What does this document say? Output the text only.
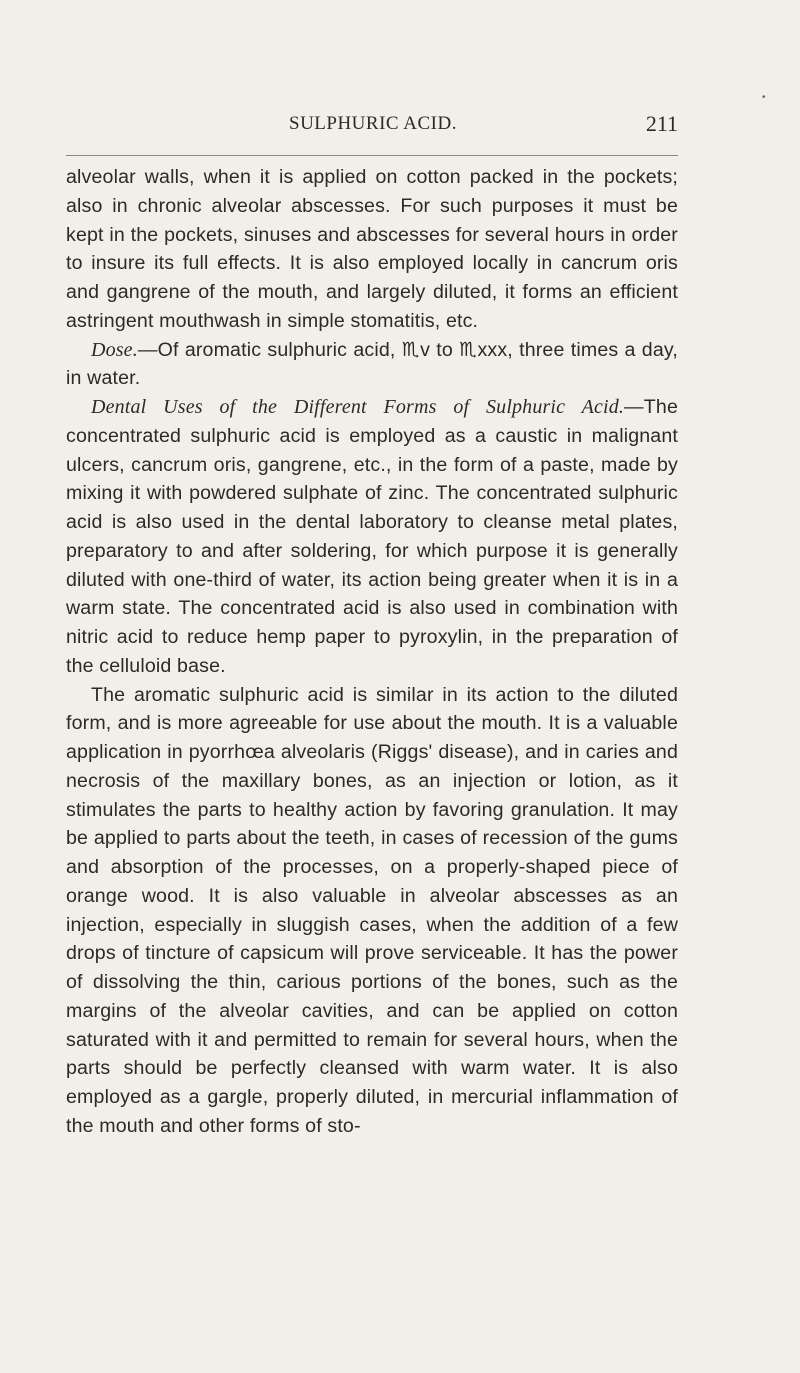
SULPHURIC ACID.	211

alveolar walls, when it is applied on cotton packed in the pockets; also in chronic alveolar abscesses. For such purposes it must be kept in the pockets, sinuses and abscesses for several hours in order to insure its full effects. It is also employed locally in cancrum oris and gangrene of the mouth, and largely diluted, it forms an efficient astringent mouthwash in simple stomatitis, etc.

Dose.—Of aromatic sulphuric acid, ♏v to ♏xxx, three times a day, in water.

Dental Uses of the Different Forms of Sulphuric Acid.—The concentrated sulphuric acid is employed as a caustic in malignant ulcers, cancrum oris, gangrene, etc., in the form of a paste, made by mixing it with powdered sulphate of zinc. The concentrated sulphuric acid is also used in the dental laboratory to cleanse metal plates, preparatory to and after soldering, for which purpose it is generally diluted with one-third of water, its action being greater when it is in a warm state. The concentrated acid is also used in combination with nitric acid to reduce hemp paper to pyroxylin, in the preparation of the celluloid base.

The aromatic sulphuric acid is similar in its action to the diluted form, and is more agreeable for use about the mouth. It is a valuable application in pyorrhœa alveolaris (Riggs' disease), and in caries and necrosis of the maxillary bones, as an injection or lotion, as it stimulates the parts to healthy action by favoring granulation. It may be applied to parts about the teeth, in cases of recession of the gums and absorption of the processes, on a properly-shaped piece of orange wood. It is also valuable in alveolar abscesses as an injection, especially in sluggish cases, when the addition of a few drops of tincture of capsicum will prove serviceable. It has the power of dissolving the thin, carious portions of the bones, such as the margins of the alveolar cavities, and can be applied on cotton saturated with it and permitted to remain for several hours, when the parts should be perfectly cleansed with warm water. It is also employed as a gargle, properly diluted, in mercurial inflammation of the mouth and other forms of sto-

•
